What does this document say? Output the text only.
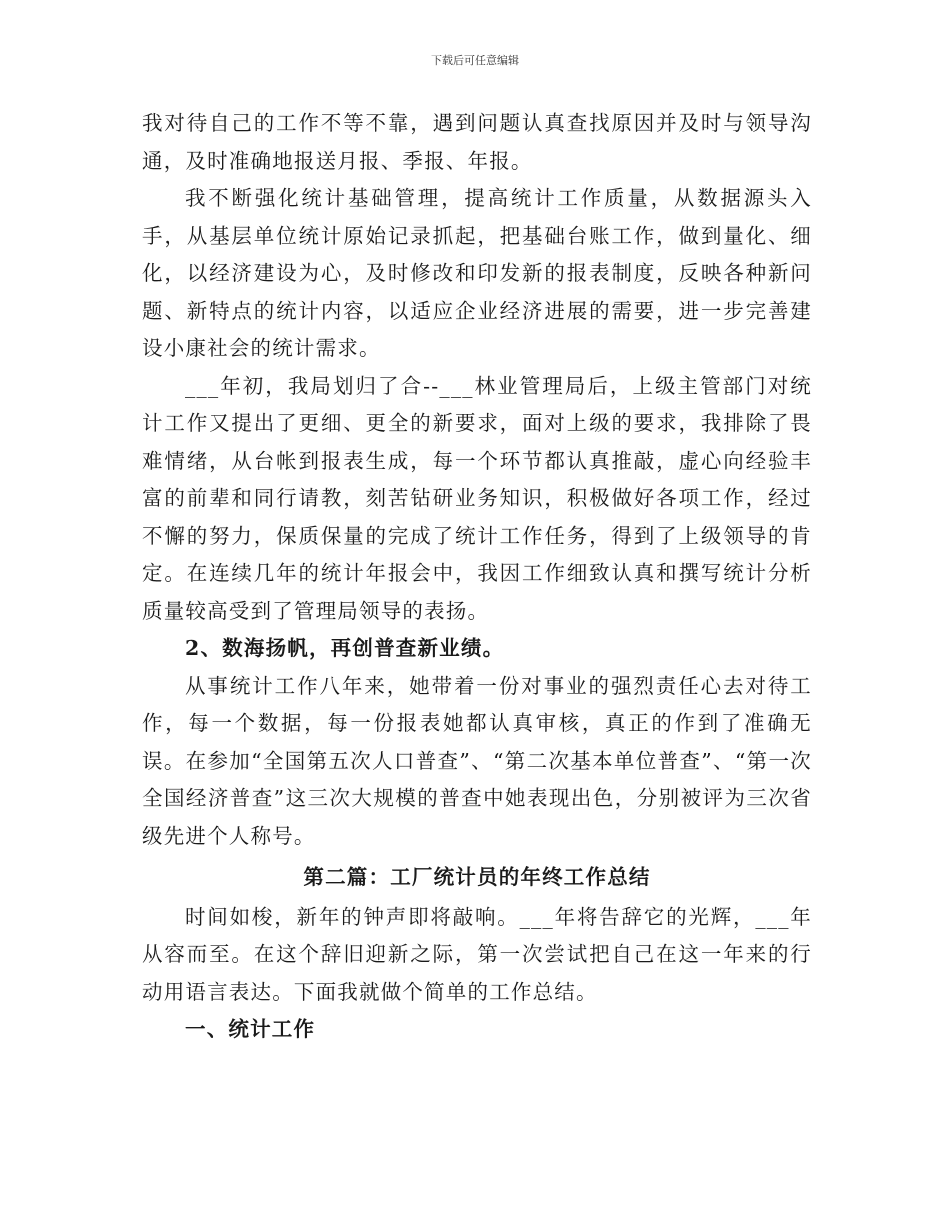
下载后可任意编辑

我对待自己的工作不等不靠，遇到问题认真查找原因并及时与领导沟通，及时准确地报送月报、季报、年报。

我不断强化统计基础管理，提高统计工作质量，从数据源头入手，从基层单位统计原始记录抓起，把基础台账工作，做到量化、细化，以经济建设为心，及时修改和印发新的报表制度，反映各种新问题、新特点的统计内容，以适应企业经济进展的需要，进一步完善建设小康社会的统计需求。

___年初，我局划归了合--___林业管理局后，上级主管部门对统计工作又提出了更细、更全的新要求，面对上级的要求，我排除了畏难情绪，从台帐到报表生成，每一个环节都认真推敲，虚心向经验丰富的前辈和同行请教，刻苦钻研业务知识，积极做好各项工作，经过不懈的努力，保质保量的完成了统计工作任务，得到了上级领导的肯定。在连续几年的统计年报会中，我因工作细致认真和撰写统计分析质量较高受到了管理局领导的表扬。

2、数海扬帆，再创普查新业绩。

从事统计工作八年来，她带着一份对事业的强烈责任心去对待工作，每一个数据，每一份报表她都认真审核，真正的作到了准确无误。在参加“全国第五次人口普查”、“第二次基本单位普查”、“第一次全国经济普查”这三次大规模的普查中她表现出色，分别被评为三次省级先进个人称号。

第二篇：工厂统计员的年终工作总结

时间如梭，新年的钟声即将敲响。___年将告辞它的光辉，___年从容而至。在这个辞旧迎新之际，第一次尝试把自己在这一年来的行动用语言表达。下面我就做个简单的工作总结。

一、统计工作
